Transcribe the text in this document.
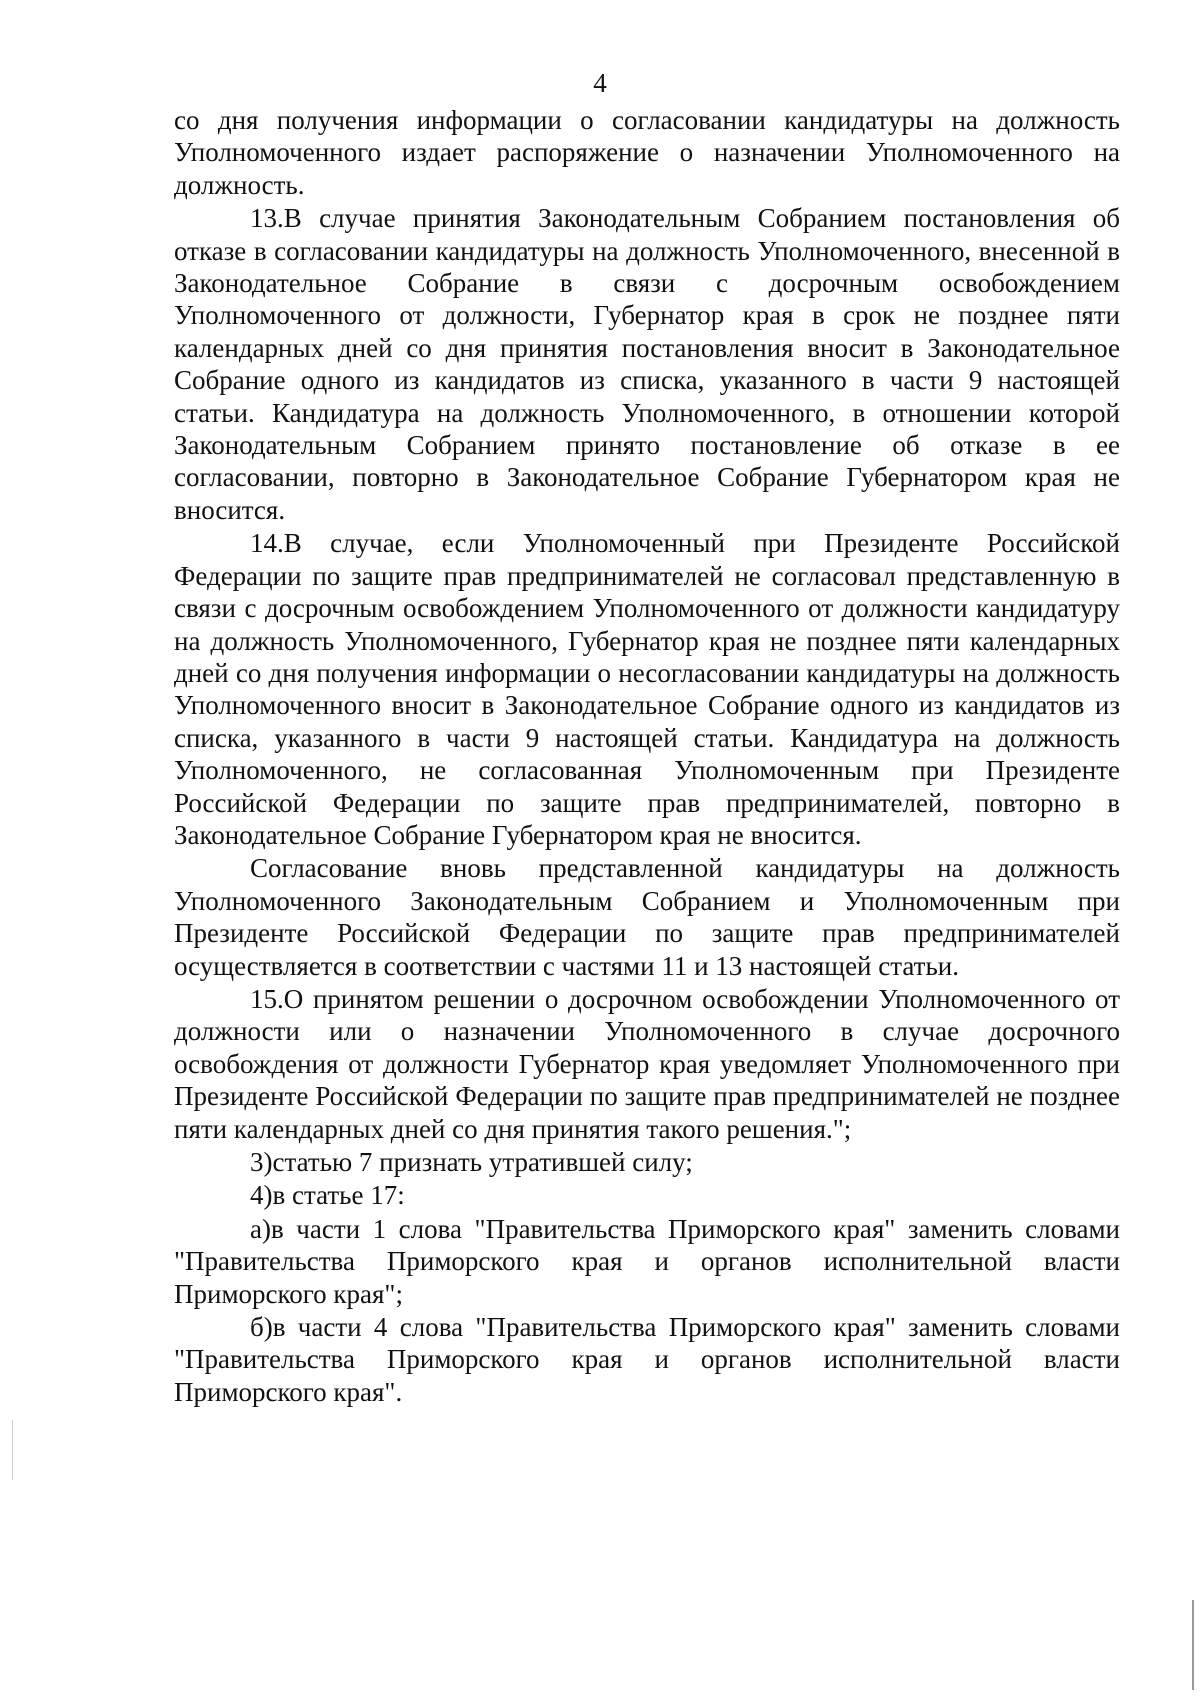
4

со дня получения информации о согласовании кандидатуры на должность Уполномоченного издает распоряжение о назначении Уполномоченного на должность.

13.В случае принятия Законодательным Собранием постановления об отказе в согласовании кандидатуры на должность Уполномоченного, внесенной в Законодательное Собрание в связи с досрочным освобождением Уполномоченного от должности, Губернатор края в срок не позднее пяти календарных дней со дня принятия постановления вносит в Законодательное Собрание одного из кандидатов из списка, указанного в части 9 настоящей статьи. Кандидатура на должность Уполномоченного, в отношении которой Законодательным Собранием принято постановление об отказе в ее согласовании, повторно в Законодательное Собрание Губернатором края не вносится.

14.В случае, если Уполномоченный при Президенте Российской Федерации по защите прав предпринимателей не согласовал представленную в связи с досрочным освобождением Уполномоченного от должности кандидатуру на должность Уполномоченного, Губернатор края не позднее пяти календарных дней со дня получения информации о несогласовании кандидатуры на должность Уполномоченного вносит в Законодательное Собрание одного из кандидатов из списка, указанного в части 9 настоящей статьи. Кандидатура на должность Уполномоченного, не согласованная Уполномоченным при Президенте Российской Федерации по защите прав предпринимателей, повторно в Законодательное Собрание Губернатором края не вносится.

Согласование вновь представленной кандидатуры на должность Уполномоченного Законодательным Собранием и Уполномоченным при Президенте Российской Федерации по защите прав предпринимателей осуществляется в соответствии с частями 11 и 13 настоящей статьи.

15.О принятом решении о досрочном освобождении Уполномоченного от должности или о назначении Уполномоченного в случае досрочного освобождения от должности Губернатор края уведомляет Уполномоченного при Президенте Российской Федерации по защите прав предпринимателей не позднее пяти календарных дней со дня принятия такого решения.";

3)статью 7 признать утратившей силу;

4)в статье 17:

а)в части 1 слова "Правительства Приморского края" заменить словами "Правительства Приморского края и органов исполнительной власти Приморского края";

б)в части 4 слова "Правительства Приморского края" заменить словами "Правительства Приморского края и органов исполнительной власти Приморского края".
